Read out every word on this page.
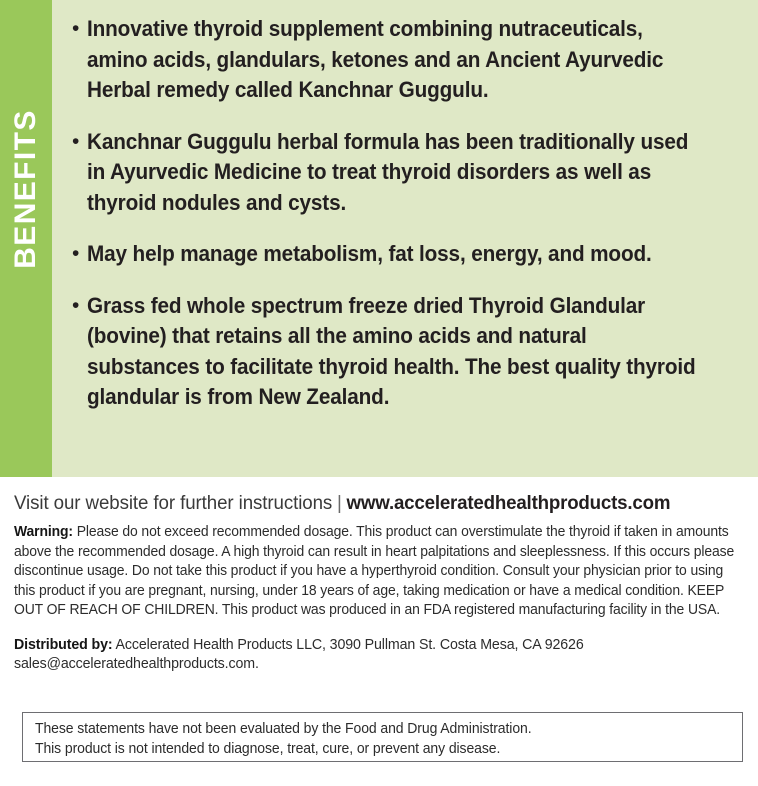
BENEFITS
• Innovative thyroid supplement combining nutraceuticals, amino acids, glandulars, ketones and an Ancient Ayurvedic Herbal remedy called Kanchnar Guggulu.
• Kanchnar Guggulu herbal formula has been traditionally used in Ayurvedic Medicine to treat thyroid disorders as well as thyroid nodules and cysts.
• May help manage metabolism, fat loss, energy, and mood.
• Grass fed whole spectrum freeze dried Thyroid Glandular (bovine) that retains all the amino acids and natural substances to facilitate thyroid health. The best quality thyroid glandular is from New Zealand.
Visit our website for further instructions | www.acceleratedhealthproducts.com

Warning: Please do not exceed recommended dosage. This product can overstimulate the thyroid if taken in amounts above the recommended dosage. A high thyroid can result in heart palpitations and sleeplessness. If this occurs please discontinue usage. Do not take this product if you have a hyperthyroid condition. Consult your physician prior to using this product if you are pregnant, nursing, under 18 years of age, taking medication or have a medical condition. KEEP OUT OF REACH OF CHILDREN. This product was produced in an FDA registered manufacturing facility in the USA.

Distributed by: Accelerated Health Products LLC, 3090 Pullman St. Costa Mesa, CA 92626
sales@acceleratedhealthproducts.com.
These statements have not been evaluated by the Food and Drug Administration.
This product is not intended to diagnose, treat, cure, or prevent any disease.
